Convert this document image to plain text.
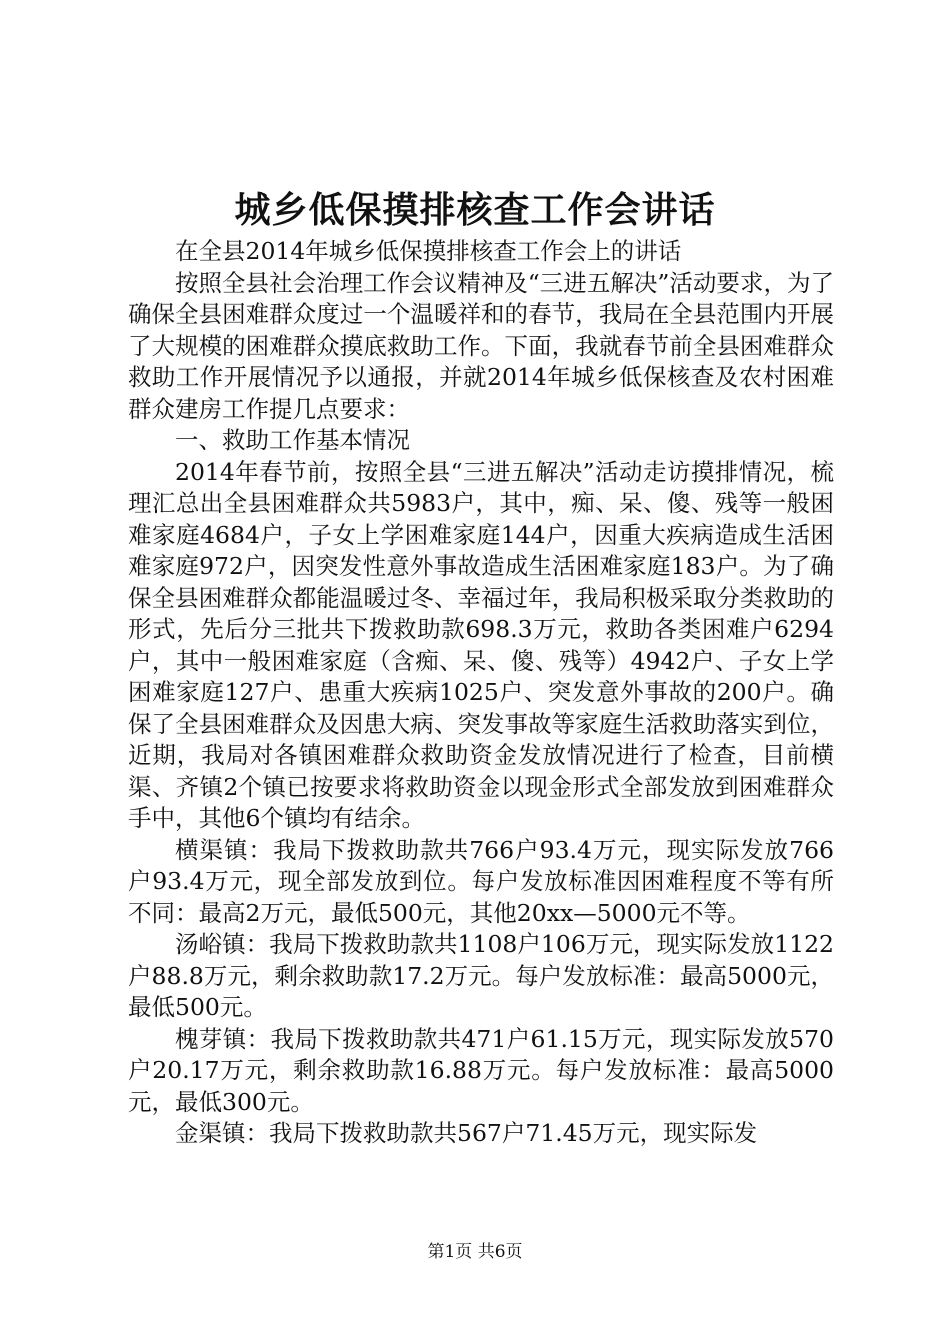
城乡低保摸排核查工作会讲话

在全县2014年城乡低保摸排核查工作会上的讲话

按照全县社会治理工作会议精神及“三进五解决”活动要求，为了确保全县困难群众度过一个温暖祥和的春节，我局在全县范围内开展了大规模的困难群众摸底救助工作。下面，我就春节前全县困难群众救助工作开展情况予以通报，并就2014年城乡低保核查及农村困难群众建房工作提几点要求：

一、救助工作基本情况

2014年春节前，按照全县“三进五解决”活动走访摸排情况，梳理汇总出全县困难群众共5983户，其中，痴、呆、傻、残等一般困难家庭4684户，子女上学困难家庭144户，因重大疾病造成生活困难家庭972户，因突发性意外事故造成生活困难家庭183户。为了确保全县困难群众都能温暖过冬、幸福过年，我局积极采取分类救助的形式，先后分三批共下拨救助款698.3万元，救助各类困难户6294户，其中一般困难家庭（含痴、呆、傻、残等）4942户、子女上学困难家庭127户、患重大疾病1025户、突发意外事故的200户。确保了全县困难群众及因患大病、突发事故等家庭生活救助落实到位，近期，我局对各镇困难群众救助资金发放情况进行了检查，目前横渠、齐镇2个镇已按要求将救助资金以现金形式全部发放到困难群众手中，其他6个镇均有结余。

横渠镇：我局下拨救助款共766户93.4万元，现实际发放766户93.4万元，现全部发放到位。每户发放标准因困难程度不等有所不同：最高2万元，最低500元，其他20xx—5000元不等。

汤峪镇：我局下拨救助款共1108户106万元，现实际发放1122户88.8万元，剩余救助款17.2万元。每户发放标准：最高5000元，最低500元。

槐芽镇：我局下拨救助款共471户61.15万元，现实际发放570户20.17万元，剩余救助款16.88万元。每户发放标准：最高5000元，最低300元。

金渠镇：我局下拨救助款共567户71.45万元，现实际发

第1页 共6页
